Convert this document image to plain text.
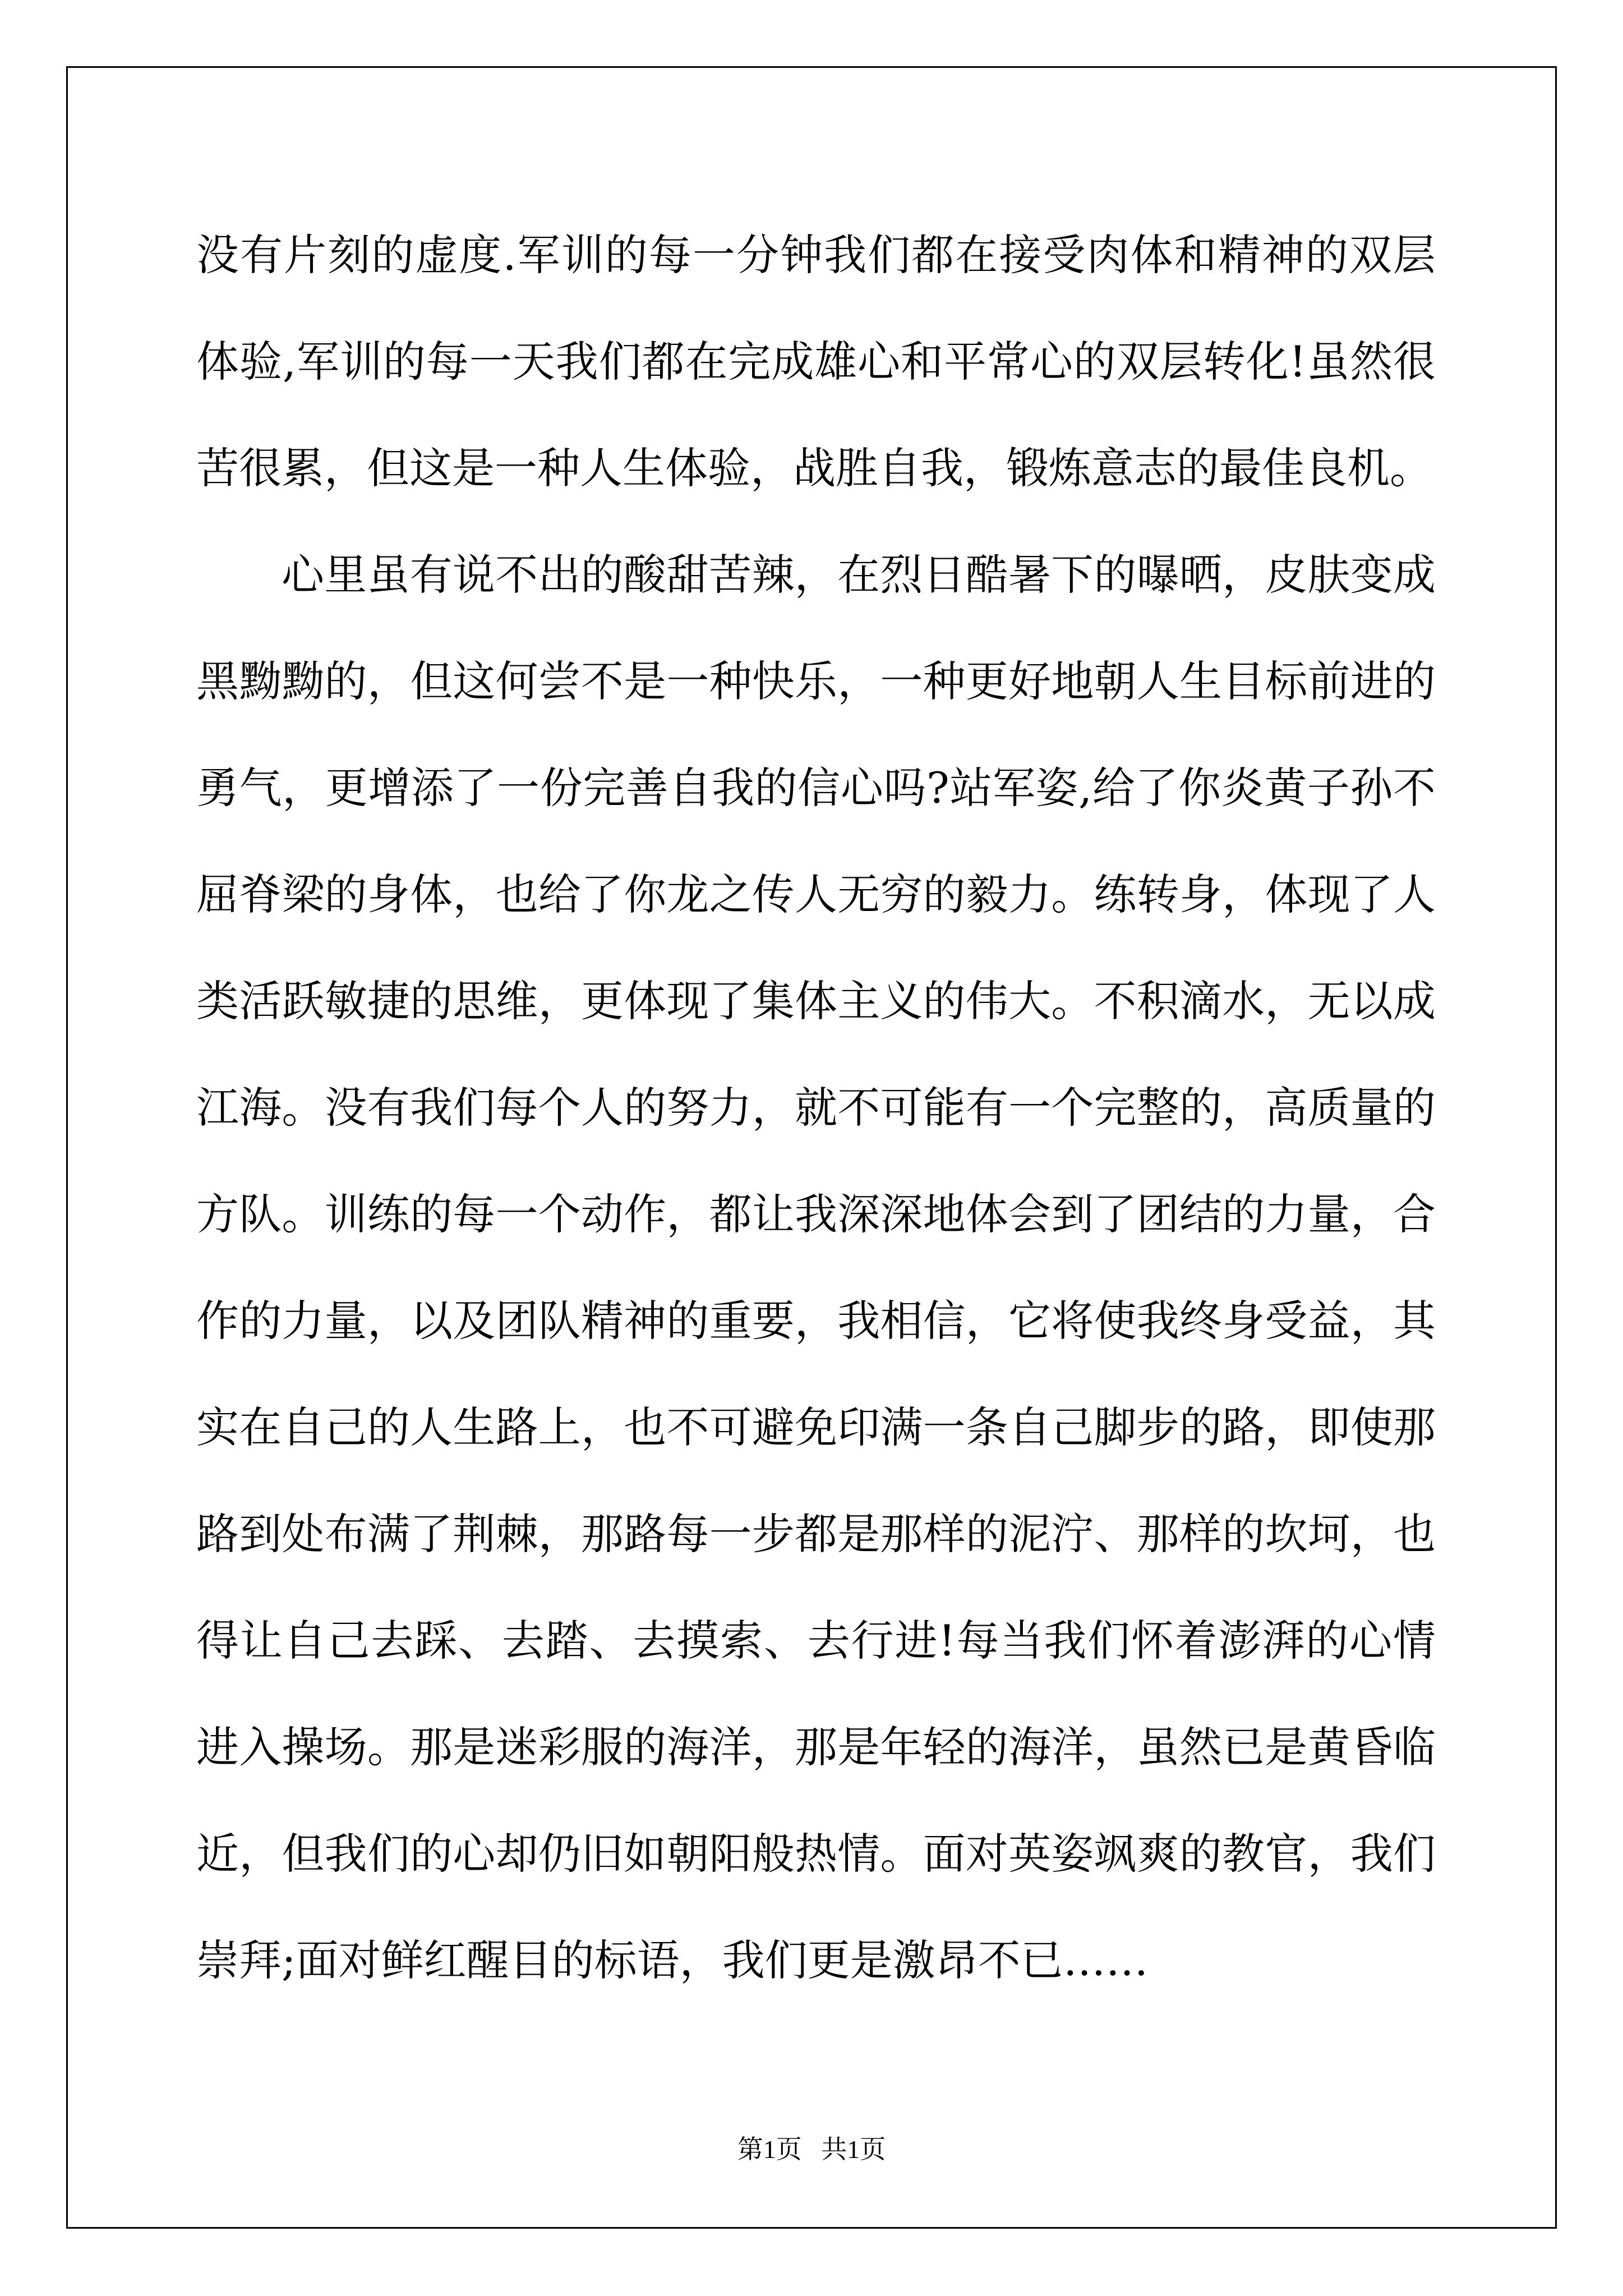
没有片刻的虚度.军训的每一分钟我们都在接受肉体和精神的双层体验,军训的每一天我们都在完成雄心和平常心的双层转化!虽然很苦很累，但这是一种人生体验，战胜自我，锻炼意志的最佳良机。

心里虽有说不出的酸甜苦辣，在烈日酷暑下的曝晒，皮肤变成黑黝黝的，但这何尝不是一种快乐，一种更好地朝人生目标前进的勇气，更增添了一份完善自我的信心吗?站军姿,给了你炎黄子孙不屈脊梁的身体，也给了你龙之传人无穷的毅力。练转身，体现了人类活跃敏捷的思维，更体现了集体主义的伟大。不积滴水，无以成江海。没有我们每个人的努力，就不可能有一个完整的，高质量的方队。训练的每一个动作，都让我深深地体会到了团结的力量，合作的力量，以及团队精神的重要，我相信，它将使我终身受益，其实在自己的人生路上，也不可避免印满一条自己脚步的路，即使那路到处布满了荆棘，那路每一步都是那样的泥泞、那样的坎坷，也得让自己去踩、去踏、去摸索、去行进!每当我们怀着澎湃的心情进入操场。那是迷彩服的海洋，那是年轻的海洋，虽然已是黄昏临近，但我们的心却仍旧如朝阳般热情。面对英姿飒爽的教官，我们崇拜;面对鲜红醒目的标语，我们更是激昂不已……

第1页 共1页
